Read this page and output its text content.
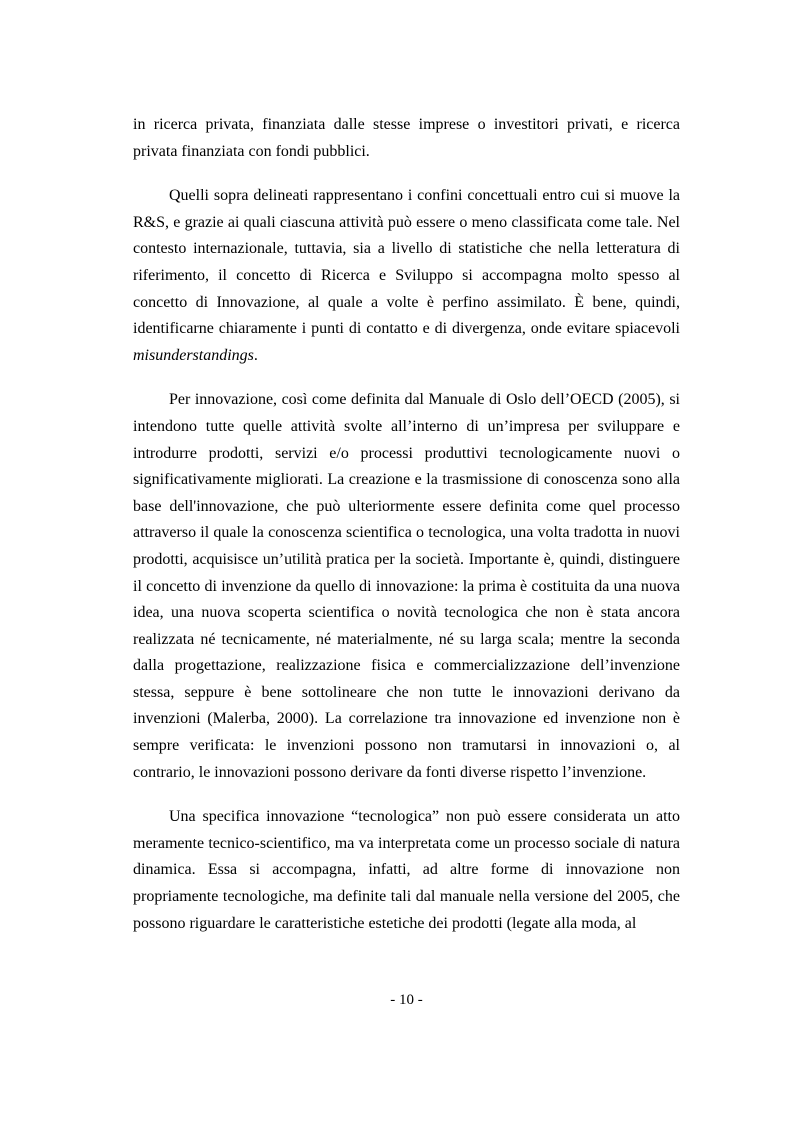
in ricerca privata, finanziata dalle stesse imprese o investitori privati, e ricerca privata finanziata con fondi pubblici.

Quelli sopra delineati rappresentano i confini concettuali entro cui si muove la R&S, e grazie ai quali ciascuna attività può essere o meno classificata come tale. Nel contesto internazionale, tuttavia, sia a livello di statistiche che nella letteratura di riferimento, il concetto di Ricerca e Sviluppo si accompagna molto spesso al concetto di Innovazione, al quale a volte è perfino assimilato. È bene, quindi, identificarne chiaramente i punti di contatto e di divergenza, onde evitare spiacevoli misunderstandings.

Per innovazione, così come definita dal Manuale di Oslo dell’OECD (2005), si intendono tutte quelle attività svolte all’interno di un’impresa per sviluppare e introdurre prodotti, servizi e/o processi produttivi tecnologicamente nuovi o significativamente migliorati. La creazione e la trasmissione di conoscenza sono alla base dell'innovazione, che può ulteriormente essere definita come quel processo attraverso il quale la conoscenza scientifica o tecnologica, una volta tradotta in nuovi prodotti, acquisisce un’utilità pratica per la società. Importante è, quindi, distinguere il concetto di invenzione da quello di innovazione: la prima è costituita da una nuova idea, una nuova scoperta scientifica o novità tecnologica che non è stata ancora realizzata né tecnicamente, né materialmente, né su larga scala; mentre la seconda dalla progettazione, realizzazione fisica e commercializzazione dell’invenzione stessa, seppure è bene sottolineare che non tutte le innovazioni derivano da invenzioni (Malerba, 2000). La correlazione tra innovazione ed invenzione non è sempre verificata: le invenzioni possono non tramutarsi in innovazioni o, al contrario, le innovazioni possono derivare da fonti diverse rispetto l’invenzione.

Una specifica innovazione “tecnologica” non può essere considerata un atto meramente tecnico-scientifico, ma va interpretata come un processo sociale di natura dinamica. Essa si accompagna, infatti, ad altre forme di innovazione non propriamente tecnologiche, ma definite tali dal manuale nella versione del 2005, che possono riguardare le caratteristiche estetiche dei prodotti (legate alla moda, al

- 10 -
